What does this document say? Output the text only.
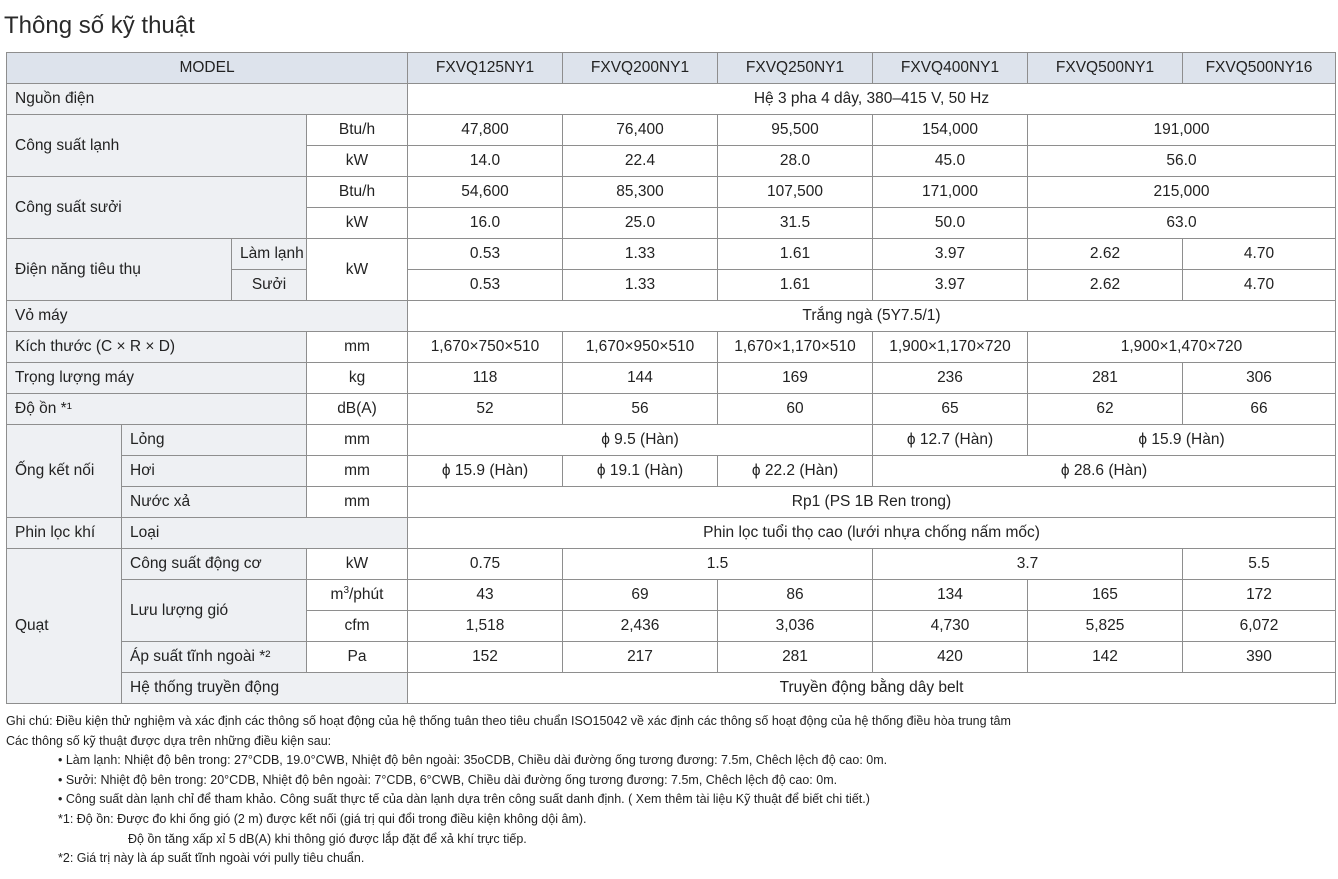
Thông số kỹ thuật
MODEL				FXVQ125NY1	FXVQ200NY1	FXVQ250NY1	FXVQ400NY1	FXVQ500NY1	FXVQ500NY16
Nguồn điện				Hệ 3 pha 4 dây, 380–415 V, 50 Hz					
Công suất lạnh			Btu/h	47,800	76,400	95,500	154,000	191,000	
			kW	14.0	22.4	28.0	45.0	56.0	
Công suất sưởi			Btu/h	54,600	85,300	107,500	171,000	215,000	
			kW	16.0	25.0	31.5	50.0	63.0	
Điện năng tiêu thụ		Làm lạnh	kW	0.53	1.33	1.61	3.97	2.62	4.70
		Sưởi		0.53	1.33	1.61	3.97	2.62	4.70
Vỏ máy				Trắng ngà (5Y7.5/1)					
Kích thước (C × R × D)			mm	1,670×750×510	1,670×950×510	1,670×1,170×510	1,900×1,170×720	1,900×1,470×720	
Trọng lượng máy			kg	118	144	169	236	281	306
Độ ồn *¹			dB(A)	52	56	60	65	62	66
Ống kết nối	Lỏng		mm	ϕ 9.5 (Hàn)			ϕ 12.7 (Hàn)	ϕ 15.9 (Hàn)	
	Hơi		mm	ϕ 15.9 (Hàn)	ϕ 19.1 (Hàn)	ϕ 22.2 (Hàn)	ϕ 28.6 (Hàn)		
	Nước xả		mm	Rp1 (PS 1B Ren trong)					
Phin lọc khí	Loại			Phin lọc tuổi thọ cao (lưới nhựa chống nấm mốc)					
Quạt	Công suất động cơ		kW	0.75	1.5		3.7		5.5
	Lưu lượng gió		$m^3$/phút	43	69	86	134	165	172
			cfm	1,518	2,436	3,036	4,730	5,825	6,072
	Áp suất tĩnh ngoài *²		Pa	152	217	281	420	142	390
	Hệ thống truyền động			Truyền động bằng dây belt					
Ghi chú: Điều kiện thử nghiệm và xác định các thông số hoạt động của hệ thống tuân theo tiêu chuẩn ISO15042 về xác định các thông số hoạt động của hệ thống điều hòa trung tâm
Các thông số kỹ thuật được dựa trên những điều kiện sau:
• Làm lạnh: Nhiệt độ bên trong: 27°CDB, 19.0°CWB, Nhiệt độ bên ngoài: 35oCDB, Chiều dài đường ống tương đương: 7.5m, Chêch lệch độ cao: 0m.
• Sưởi: Nhiệt độ bên trong: 20°CDB, Nhiệt độ bên ngoài: 7°CDB, 6°CWB, Chiều dài đường ống tương đương: 7.5m, Chêch lệch độ cao: 0m.
• Công suất dàn lạnh chỉ để tham khảo. Công suất thực tế của dàn lạnh dựa trên công suất danh định. ( Xem thêm tài liệu Kỹ thuật để biết chi tiết.)
*1: Độ ồn: Được đo khi ống gió (2 m) được kết nối (giá trị qui đổi trong điều kiện không dội âm).
Độ ồn tăng xấp xỉ 5 dB(A) khi thông gió được lắp đặt để xả khí trực tiếp.
*2: Giá trị này là áp suất tĩnh ngoài với pully tiêu chuẩn.
